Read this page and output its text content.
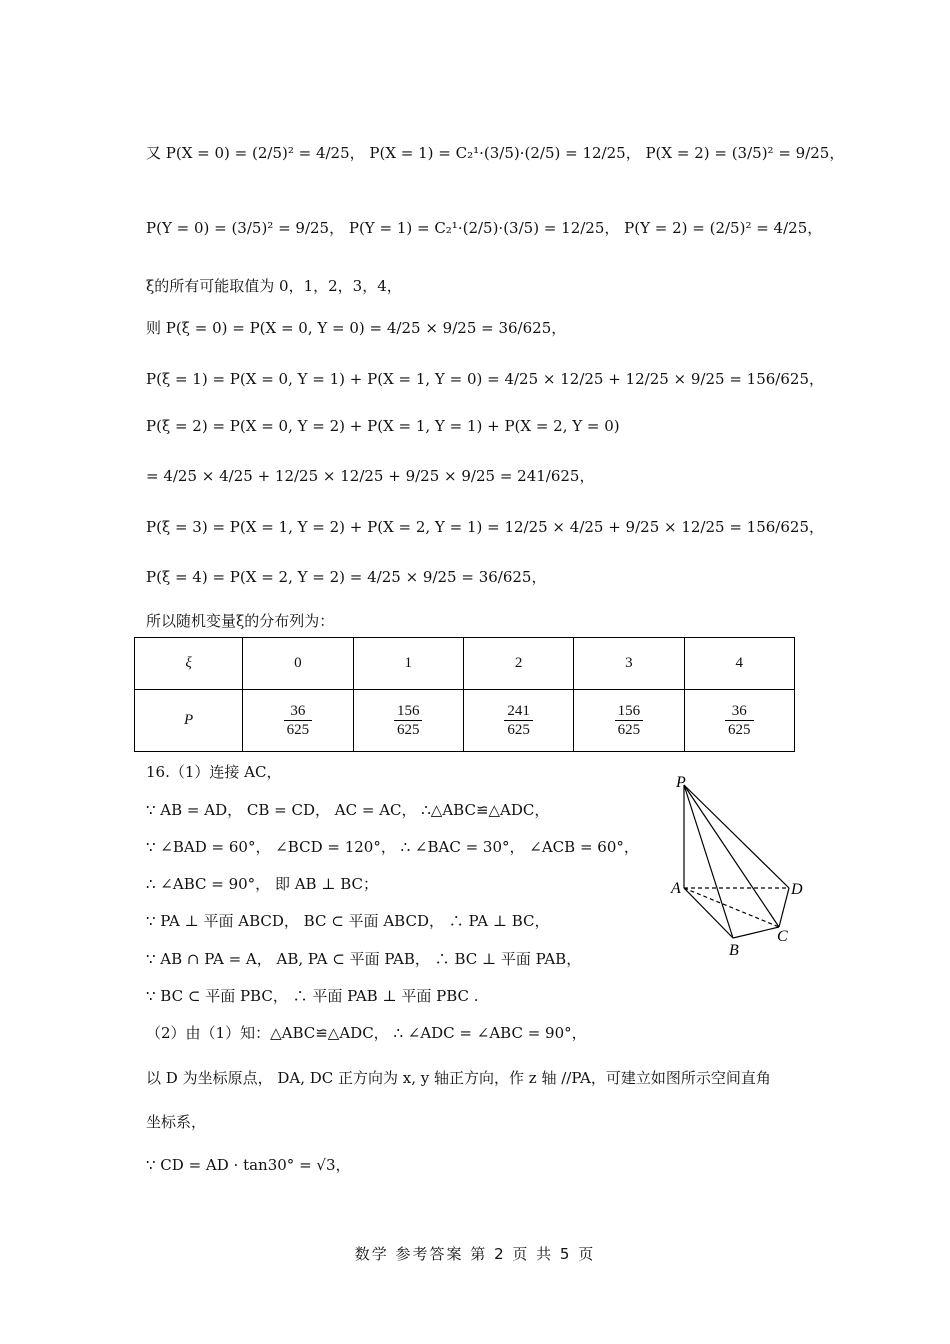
又 P(X = 0) = (2/5)² = 4/25， P(X = 1) = C₂¹·(3/5)·(2/5) = 12/25， P(X = 2) = (3/5)² = 9/25，
P(Y = 0) = (3/5)² = 9/25， P(Y = 1) = C₂¹·(2/5)·(3/5) = 12/25， P(Y = 2) = (2/5)² = 4/25，
ξ的所有可能取值为 0，1，2，3，4，
则 P(ξ = 0) = P(X = 0, Y = 0) = 4/25 × 9/25 = 36/625，
P(ξ = 1) = P(X = 0, Y = 1) + P(X = 1, Y = 0) = 4/25 × 12/25 + 12/25 × 9/25 = 156/625，
P(ξ = 2) = P(X = 0, Y = 2) + P(X = 1, Y = 1) + P(X = 2, Y = 0)
= 4/25 × 4/25 + 12/25 × 12/25 + 9/25 × 9/25 = 241/625，
P(ξ = 3) = P(X = 1, Y = 2) + P(X = 2, Y = 1) = 12/25 × 4/25 + 9/25 × 12/25 = 156/625，
P(ξ = 4) = P(X = 2, Y = 2) = 4/25 × 9/25 = 36/625，
所以随机变量ξ的分布列为：
ξ	0	1	2	3	4
P	$\frac{36}{625}$	$\frac{156}{625}$	$\frac{241}{625}$	$\frac{156}{625}$	$\frac{36}{625}$
16.（1）连接 AC，
∵ AB = AD， CB = CD， AC = AC， ∴△ABC≌△ADC，
∵ ∠BAD = 60°， ∠BCD = 120°， ∴ ∠BAC = 30°， ∠ACB = 60°，
∴ ∠ABC = 90°， 即 AB ⊥ BC；
∵ PA ⊥ 平面 ABCD， BC ⊂ 平面 ABCD， ∴ PA ⊥ BC，
∵ AB ∩ PA = A， AB, PA ⊂ 平面 PAB， ∴ BC ⊥ 平面 PAB，
∵ BC ⊂ 平面 PBC， ∴ 平面 PAB ⊥ 平面 PBC .
（2）由（1）知：△ABC≌△ADC， ∴ ∠ADC = ∠ABC = 90°，
以 D 为坐标原点， DA, DC 正方向为 x, y 轴正方向，作 z 轴 //PA，可建立如图所示空间直角
坐标系，
∵ CD = AD · tan30° = √3，
P
A
B
C
D
数学 参考答案 第 2 页 共 5 页
